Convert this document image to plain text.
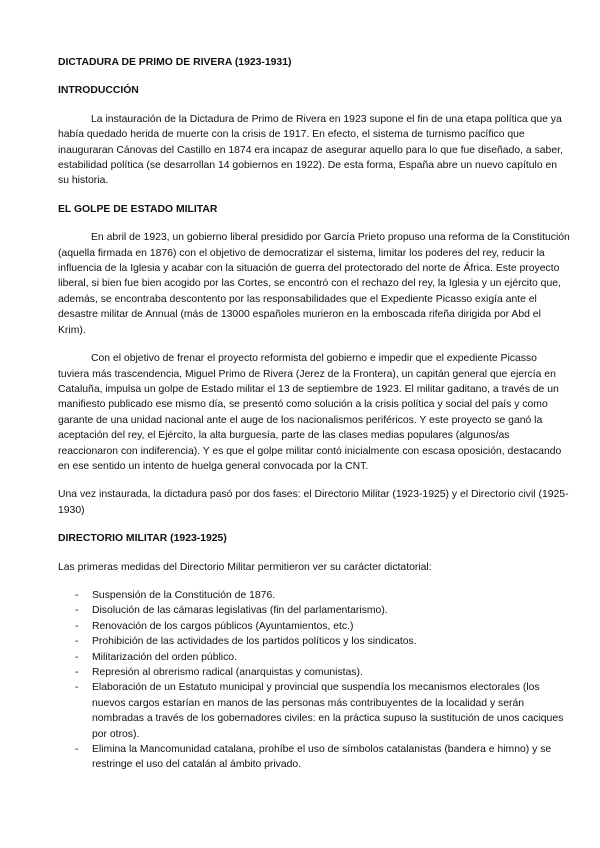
DICTADURA DE PRIMO DE RIVERA (1923-1931)
INTRODUCCIÓN

La instauración de la Dictadura de Primo de Rivera en 1923 supone el fin de una etapa política que ya había quedado herida de muerte con la crisis de 1917. En efecto, el sistema de turnismo pacífico que inauguraran Cánovas del Castillo en 1874 era incapaz de asegurar aquello para lo que fue diseñado, a saber, estabilidad política (se desarrollan 14 gobiernos en 1922). De esta forma, España abre un nuevo capítulo en su historia.

EL GOLPE DE ESTADO MILITAR

En abril de 1923, un gobierno liberal presidido por García Prieto propuso una reforma de la Constitución (aquella firmada en 1876) con el objetivo de democratizar el sistema, limitar los poderes del rey, reducir la influencia de la Iglesia y acabar con la situación de guerra del protectorado del norte de África. Este proyecto liberal, si bien fue bien acogido por las Cortes, se encontró con el rechazo del rey, la Iglesia y un ejército que, además, se encontraba descontento por las responsabilidades que el Expediente Picasso exigía ante el desastre militar de Annual (más de 13000 españoles murieron en la emboscada rifeña dirigida por Abd el Krim).

Con el objetivo de frenar el proyecto reformista del gobierno e impedir que el expediente Picasso tuviera más trascendencia, Miguel Primo de Rivera (Jerez de la Frontera), un capitán general que ejercía en Cataluña, impulsa un golpe de Estado militar el 13 de septiembre de 1923. El militar gaditano, a través de un manifiesto publicado ese mismo día, se presentó como solución a la crisis política y social del país y como garante de una unidad nacional ante el auge de los nacionalismos periféricos. Y este proyecto se ganó la aceptación del rey, el Ejército, la alta burguesía, parte de las clases medias populares (algunos/as reaccionaron con indiferencia). Y es que el golpe militar contó inicialmente con escasa oposición, destacando en ese sentido un intento de huelga general convocada por la CNT.

Una vez instaurada, la dictadura pasó por dos fases: el Directorio Militar (1923-1925) y el Directorio civil (1925-1930)

DIRECTORIO MILITAR (1923-1925)

Las primeras medidas del Directorio Militar permitieron ver su carácter dictatorial:

- Suspensión de la Constitución de 1876.
- Disolución de las cámaras legislativas (fin del parlamentarismo).
- Renovación de los cargos públicos (Ayuntamientos, etc.)
- Prohibición de las actividades de los partidos políticos y los sindicatos.
- Militarización del orden público.
- Represión al obrerismo radical (anarquistas y comunistas).
- Elaboración de un Estatuto municipal y provincial que suspendía los mecanismos electorales (los nuevos cargos estarían en manos de las personas más contribuyentes de la localidad y serán nombradas a través de los gobernadores civiles: en la práctica supuso la sustitución de unos caciques por otros).
- Elimina la Mancomunidad catalana, prohíbe el uso de símbolos catalanistas (bandera e himno) y se restringe el uso del catalán al ámbito privado.
